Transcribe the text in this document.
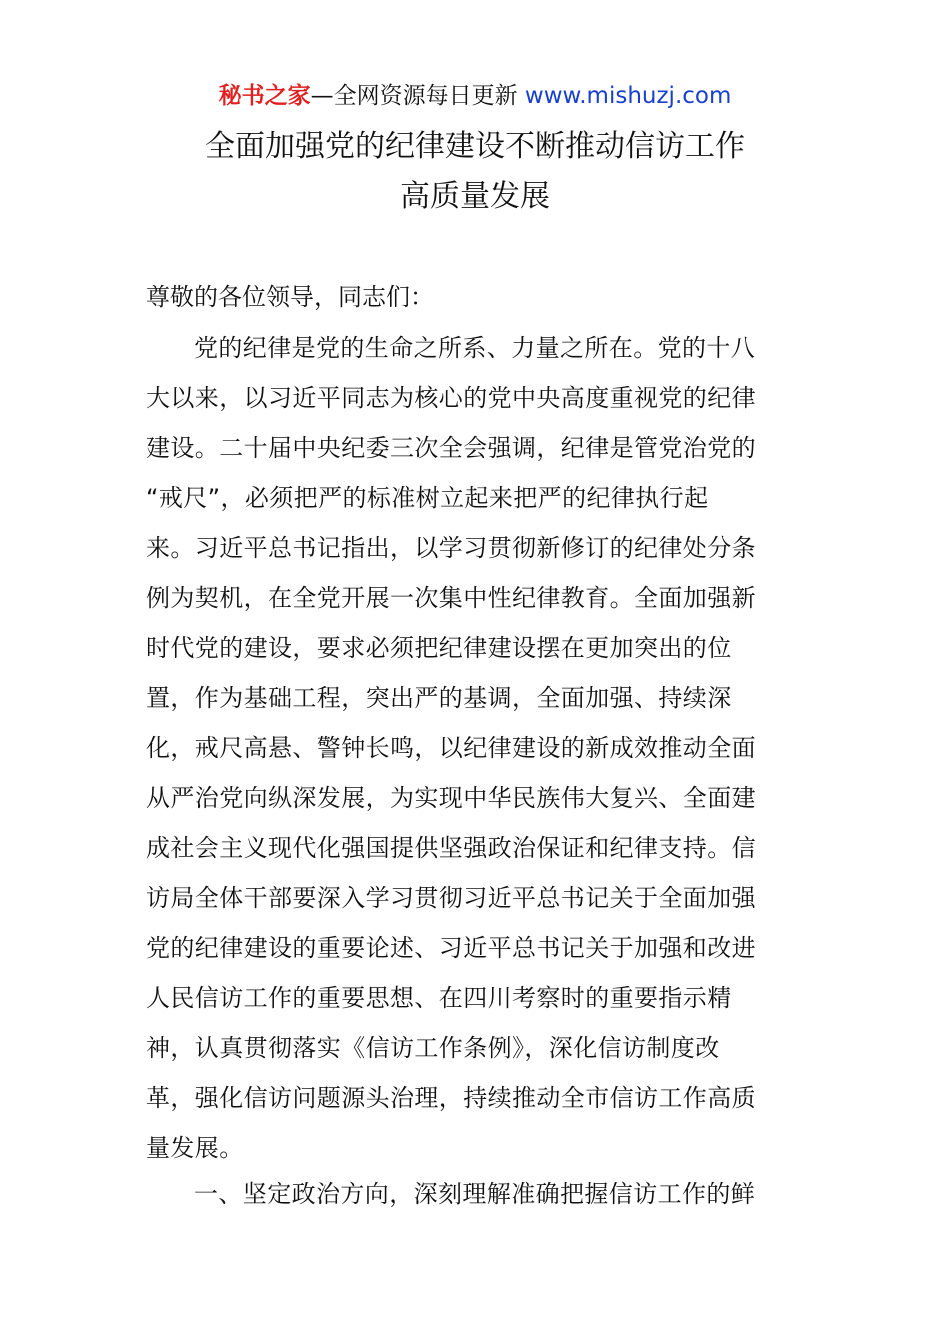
秘书之家—全网资源每日更新 www.mishuzj.com
全面加强党的纪律建设不断推动信访工作
高质量发展
尊敬的各位领导，同志们：
党的纪律是党的生命之所系、力量之所在。党的十八
大以来，以习近平同志为核心的党中央高度重视党的纪律
建设。二十届中央纪委三次全会强调，纪律是管党治党的
“戒尺”，必须把严的标准树立起来把严的纪律执行起
来。习近平总书记指出，以学习贯彻新修订的纪律处分条
例为契机，在全党开展一次集中性纪律教育。全面加强新
时代党的建设，要求必须把纪律建设摆在更加突出的位
置，作为基础工程，突出严的基调，全面加强、持续深
化，戒尺高悬、警钟长鸣，以纪律建设的新成效推动全面
从严治党向纵深发展，为实现中华民族伟大复兴、全面建
成社会主义现代化强国提供坚强政治保证和纪律支持。信
访局全体干部要深入学习贯彻习近平总书记关于全面加强
党的纪律建设的重要论述、习近平总书记关于加强和改进
人民信访工作的重要思想、在四川考察时的重要指示精
神，认真贯彻落实《信访工作条例》，深化信访制度改
革，强化信访问题源头治理，持续推动全市信访工作高质
量发展。
一、坚定政治方向，深刻理解准确把握信访工作的鲜
